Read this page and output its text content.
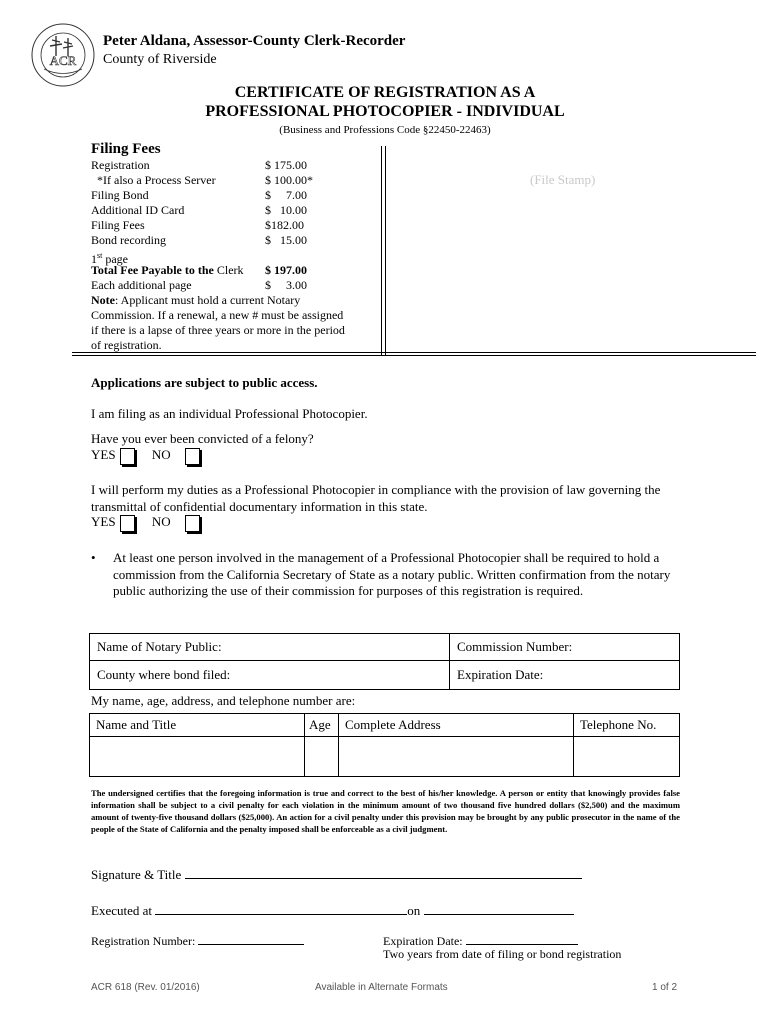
ACR
Peter Aldana, Assessor-County Clerk-Recorder
County of Riverside
CERTIFICATE OF REGISTRATION AS A
PROFESSIONAL PHOTOCOPIER - INDIVIDUAL
(Business and Professions Code §22450-22463)
Filing Fees
Registration	$ 175.00
*If also a Process Server	$ 100.00*
Filing Bond	$     7.00
Additional ID Card	$   10.00
Filing Fees	$182.00
Bond recording	$   15.00
1st page
Total Fee Payable to the Clerk $ 197.00
Each additional page	$     3.00
Note: Applicant must hold a current Notary Commission. If a renewal, a new # must be assigned if there is a lapse of three years or more in the period of registration.
(File Stamp)
Applications are subject to public access.
I am filing as an individual Professional Photocopier.
Have you ever been convicted of a felony?
YES	NO
I will perform my duties as a Professional Photocopier in compliance with the provision of law governing the transmittal of confidential documentary information in this state.
YES	NO
• At least one person involved in the management of a Professional Photocopier shall be required to hold a commission from the California Secretary of State as a notary public. Written confirmation from the notary public authorizing the use of their commission for purposes of this registration is required.
Name of Notary Public:	Commission Number:
County where bond filed:	Expiration Date:
My name, age, address, and telephone number are:
Name and Title	Age	Complete Address	Telephone No.

The undersigned certifies that the foregoing information is true and correct to the best of his/her knowledge. A person or entity that knowingly provides false information shall be subject to a civil penalty for each violation in the minimum amount of two thousand five hundred dollars ($2,500) and the maximum amount of twenty-five thousand dollars ($25,000). An action for a civil penalty under this provision may be brought by any public prosecutor in the name of the people of the State of California and the penalty imposed shall be enforceable as a civil judgment.
Signature & Title
Executed at	on
Registration Number:	Expiration Date:
Two years from date of filing or bond registration
ACR 618 (Rev. 01/2016)	Available in Alternate Formats	1 of 2
